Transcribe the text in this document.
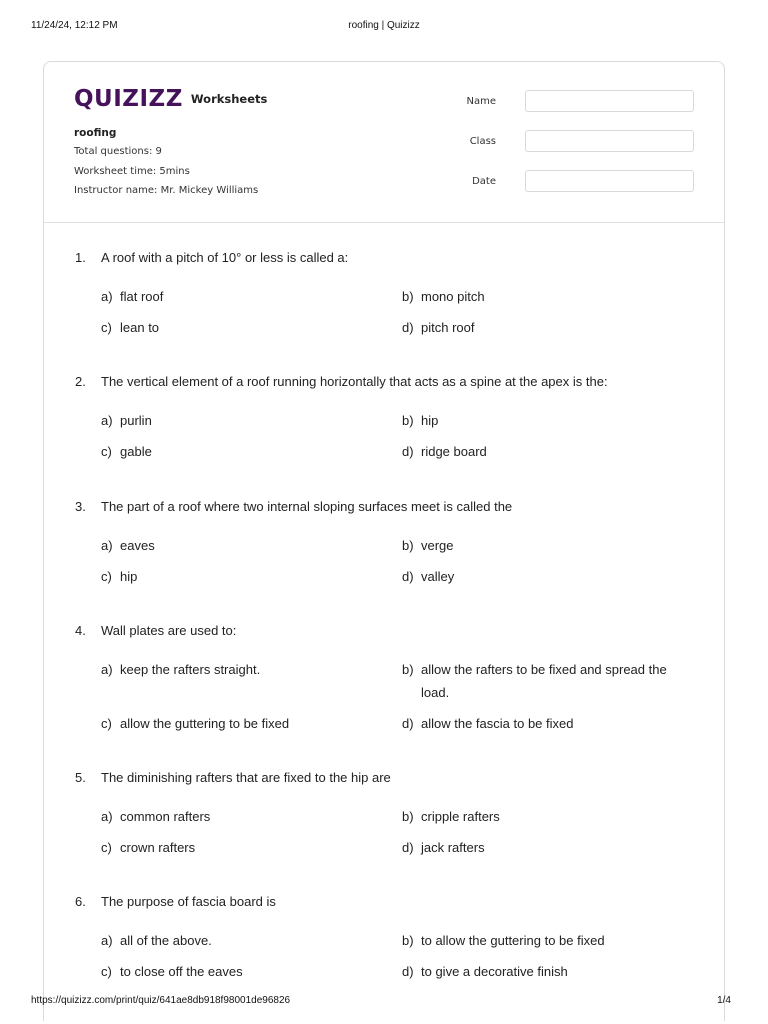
11/24/24, 12:12 PM	roofing | Quizizz
QUIZIZZ Worksheets
roofing
Total questions: 9
Worksheet time: 5mins
Instructor name: Mr. Mickey Williams
Name
Class
Date
1. A roof with a pitch of 10° or less is called a:
a) flat roof	b) mono pitch
c) lean to	d) pitch roof
2. The vertical element of a roof running horizontally that acts as a spine at the apex is the:
a) purlin	b) hip
c) gable	d) ridge board
3. The part of a roof where two internal sloping surfaces meet is called the
a) eaves	b) verge
c) hip	d) valley
4. Wall plates are used to:
a) keep the rafters straight.	b) allow the rafters to be fixed and spread the load.
c) allow the guttering to be fixed	d) allow the fascia to be fixed
5. The diminishing rafters that are fixed to the hip are
a) common rafters	b) cripple rafters
c) crown rafters	d) jack rafters
6. The purpose of fascia board is
a) all of the above.	b) to allow the guttering to be fixed
c) to close off the eaves	d) to give a decorative finish
https://quizizz.com/print/quiz/641ae8db918f98001de96826	1/4
